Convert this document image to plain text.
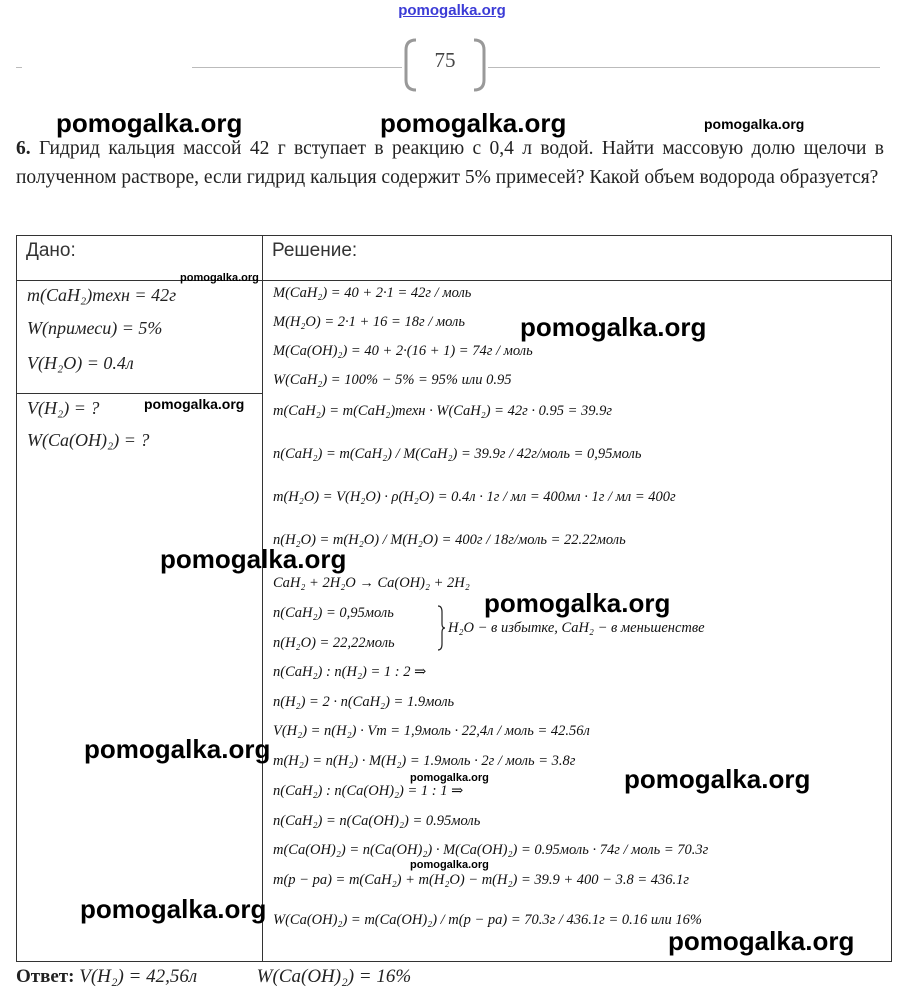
pomogalka.org
75
6. Гидрид кальция массой 42 г вступает в реакцию с 0,4 л водой. Найти массовую долю щелочи в полученном растворе, если гидрид кальция содержит 5% примесей? Какой объем водорода образуется?
Дано:	Решение:
m(CaH₂)техн = 42г
W(примеси) = 5%
V(H₂O) = 0.4л
V(H₂) = ?
W(Ca(OH)₂) = ?
M(CaH₂) = 40 + 2·1 = 42г / моль
M(H₂O) = 2·1 + 16 = 18г / моль
M(Ca(OH)₂) = 40 + 2·(16 + 1) = 74г / моль
W(CaH₂) = 100% − 5% = 95% или 0.95
m(CaH₂) = m(CaH₂)техн · W(CaH₂) = 42г · 0.95 = 39.9г
n(CaH₂) = m(CaH₂) / M(CaH₂) = 39.9г / 42г/моль = 0,95моль
m(H₂O) = V(H₂O) · ρ(H₂O) = 0.4л · 1г / мл = 400мл · 1г / мл = 400г
n(H₂O) = m(H₂O) / M(H₂O) = 400г / 18г/моль = 22.22моль
CaH₂ + 2H₂O → Ca(OH)₂ + 2H₂
n(CaH₂) = 0,95моль
n(H₂O) = 22,22моль
H₂O − в избытке, CaH₂ − в меньшенстве
n(CaH₂) : n(H₂) = 1 : 2 ⇒
n(H₂) = 2 · n(CaH₂) = 1.9моль
V(H₂) = n(H₂) · Vm = 1,9моль · 22,4л / моль = 42.56л
m(H₂) = n(H₂) · M(H₂) = 1.9моль · 2г / моль = 3.8г
n(CaH₂) : n(Ca(OH)₂) = 1 : 1 ⇒
n(CaH₂) = n(Ca(OH)₂) = 0.95моль
m(Ca(OH)₂) = n(Ca(OH)₂) · M(Ca(OH)₂) = 0.95моль · 74г / моль = 70.3г
m(p − pa) = m(CaH₂) + m(H₂O) − m(H₂) = 39.9 + 400 − 3.8 = 436.1г
W(Ca(OH)₂) = m(Ca(OH)₂) / m(p − pa) = 70.3г / 436.1г = 0.16 или 16%
Ответ: V(H₂) = 42,56л	W(Ca(OH)₂) = 16%
pomogalka.org	pomogalka.org	pomogalka.org
pomogalka.org
pomogalka.org
pomogalka.org
pomogalka.org
pomogalka.org
pomogalka.org
pomogalka.org
pomogalka.org
pomogalka.org
pomogalka.org
pomogalka.org
